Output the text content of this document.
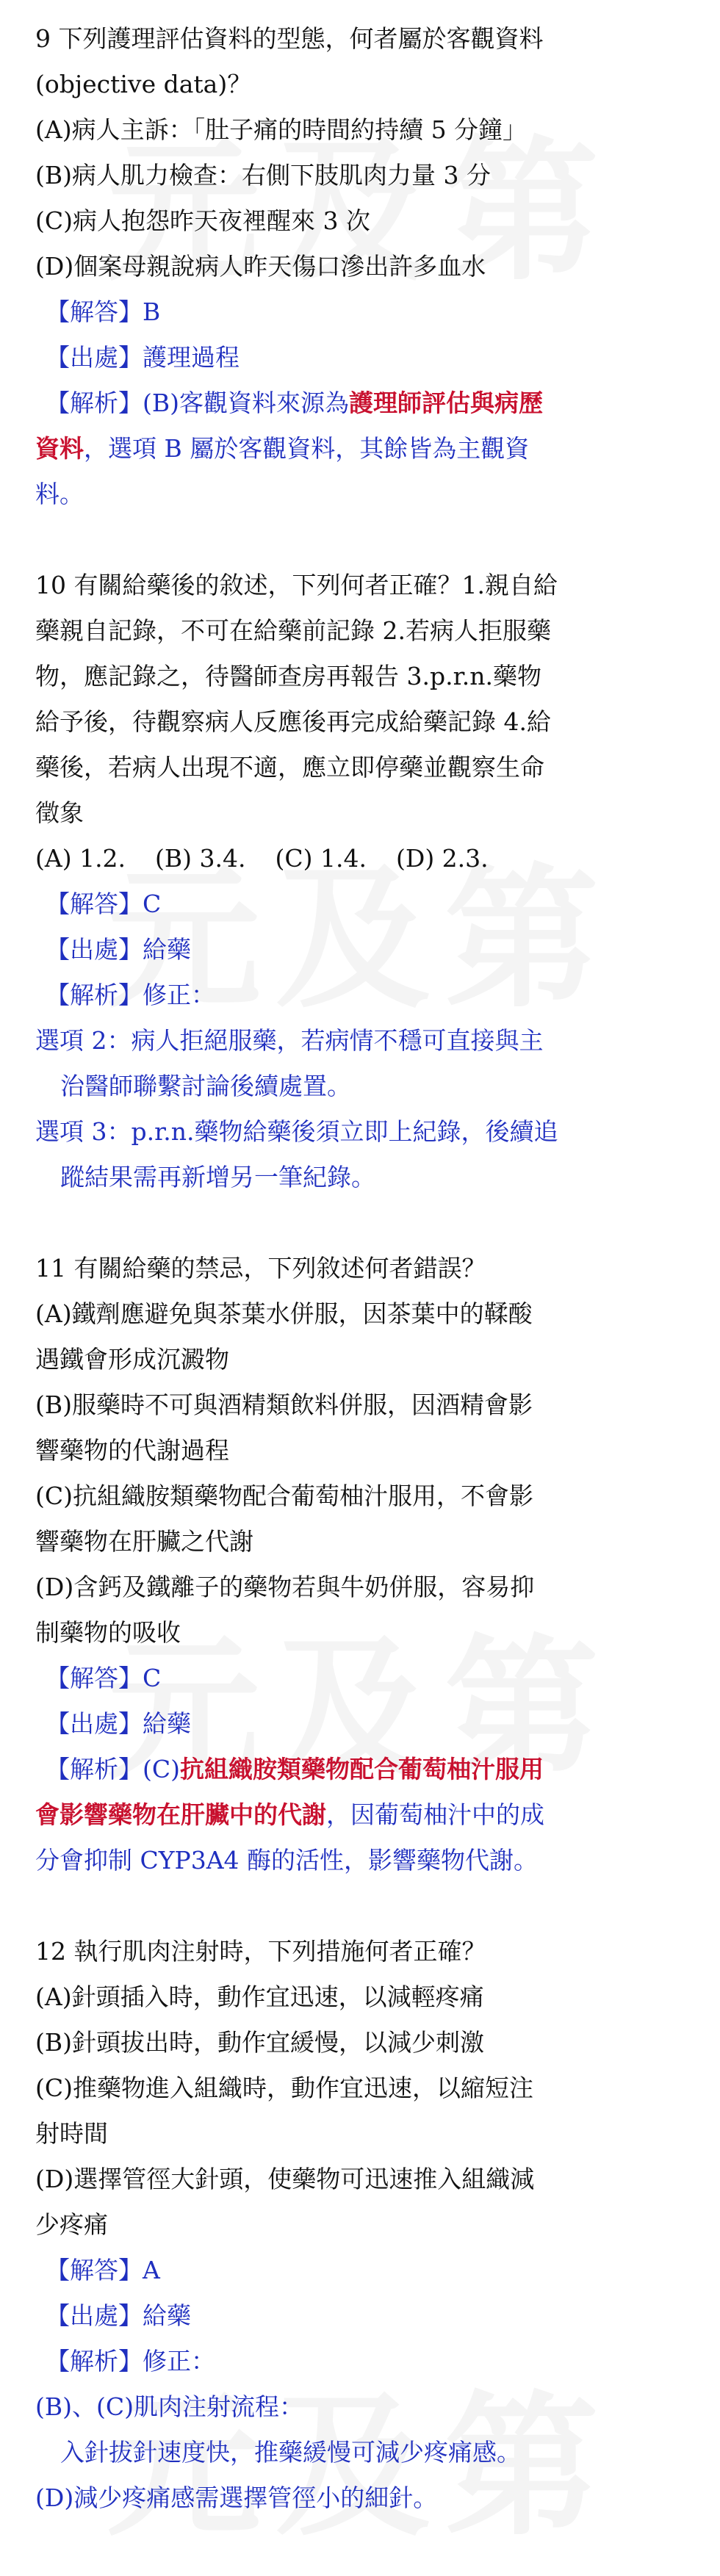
9 下列護理評估資料的型態，何者屬於客觀資料

(objective data)？

(A)病人主訴：「肚子痛的時間約持續 5 分鐘」

(B)病人肌力檢查：右側下肢肌肉力量 3 分

(C)病人抱怨昨天夜裡醒來 3 次

(D)個案母親說病人昨天傷口滲出許多血水

【解答】B

【出處】護理過程

【解析】(B)客觀資料來源為護理師評估與病歷

資料，選項 B 屬於客觀資料，其餘皆為主觀資

料。

10 有關給藥後的敘述，下列何者正確？1.親自給

藥親自記錄，不可在給藥前記錄 2.若病人拒服藥

物，應記錄之，待醫師查房再報告 3.p.r.n.藥物

給予後，待觀察病人反應後再完成給藥記錄 4.給

藥後，若病人出現不適，應立即停藥並觀察生命

徵象

(A) 1.2. (B) 3.4. (C) 1.4. (D) 2.3.

【解答】C

【出處】給藥

【解析】修正：

選項 2：病人拒絕服藥，若病情不穩可直接與主

治醫師聯繫討論後續處置。

選項 3：p.r.n.藥物給藥後須立即上紀錄，後續追

蹤結果需再新增另一筆紀錄。

11 有關給藥的禁忌，下列敘述何者錯誤？

(A)鐵劑應避免與茶葉水併服，因茶葉中的鞣酸

遇鐵會形成沉澱物

(B)服藥時不可與酒精類飲料併服，因酒精會影

響藥物的代謝過程

(C)抗組織胺類藥物配合葡萄柚汁服用，不會影

響藥物在肝臟之代謝

(D)含鈣及鐵離子的藥物若與牛奶併服，容易抑

制藥物的吸收

【解答】C

【出處】給藥

【解析】(C)抗組織胺類藥物配合葡萄柚汁服用

會影響藥物在肝臟中的代謝，因葡萄柚汁中的成

分會抑制 CYP3A4 酶的活性，影響藥物代謝。

12 執行肌肉注射時，下列措施何者正確？

(A)針頭插入時，動作宜迅速，以減輕疼痛

(B)針頭拔出時，動作宜緩慢，以減少刺激

(C)推藥物進入組織時，動作宜迅速，以縮短注

射時間

(D)選擇管徑大針頭，使藥物可迅速推入組織減

少疼痛

【解答】A

【出處】給藥

【解析】修正：

(B)、(C)肌肉注射流程：

入針拔針速度快，推藥緩慢可減少疼痛感。

(D)減少疼痛感需選擇管徑小的細針。
